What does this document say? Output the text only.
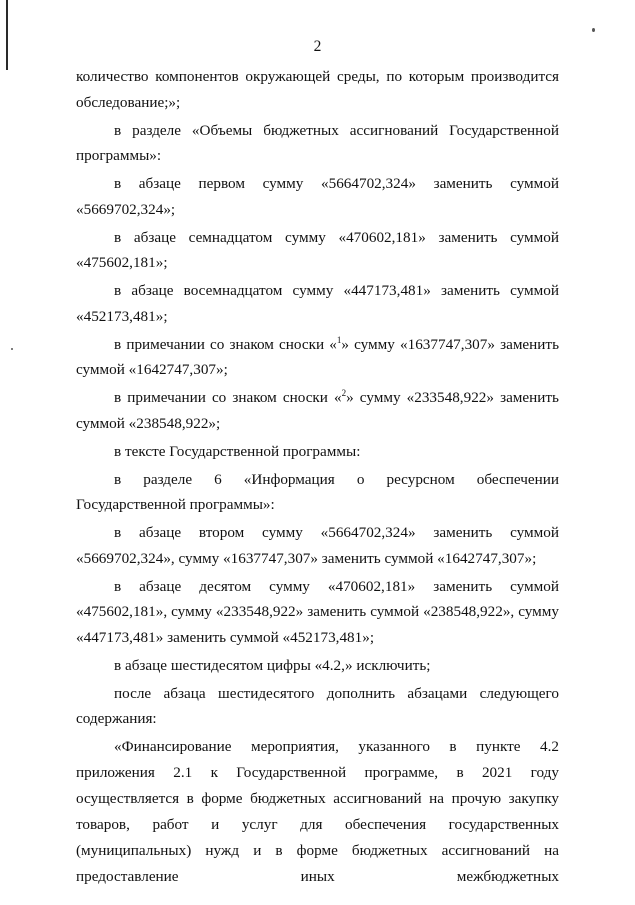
2

количество компонентов окружающей среды, по которым производится обследование;»;

в разделе «Объемы бюджетных ассигнований Государственной программы»:

в абзаце первом сумму «5664702,324» заменить суммой «5669702,324»;

в абзаце семнадцатом сумму «470602,181» заменить суммой «475602,181»;

в абзаце восемнадцатом сумму «447173,481» заменить суммой «452173,481»;

в примечании со знаком сноски «$^1$» сумму «1637747,307» заменить суммой «1642747,307»;

в примечании со знаком сноски «$^2$» сумму «233548,922» заменить суммой «238548,922»;

в тексте Государственной программы:

в разделе 6 «Информация о ресурсном обеспечении Государственной программы»:

в абзаце втором сумму «5664702,324» заменить суммой «5669702,324», сумму «1637747,307» заменить суммой «1642747,307»;

в абзаце десятом сумму «470602,181» заменить суммой «475602,181», сумму «233548,922» заменить суммой «238548,922», сумму «447173,481» заменить суммой «452173,481»;

в абзаце шестидесятом цифры «4.2,» исключить;

после абзаца шестидесятого дополнить абзацами следующего содержания:

«Финансирование мероприятия, указанного в пункте 4.2 приложения 2.1 к Государственной программе, в 2021 году осуществляется в форме бюджетных ассигнований на прочую закупку товаров, работ и услуг для обеспечения государственных (муниципальных) нужд и в форме бюджетных ассигнований на предоставление иных межбюджетных
